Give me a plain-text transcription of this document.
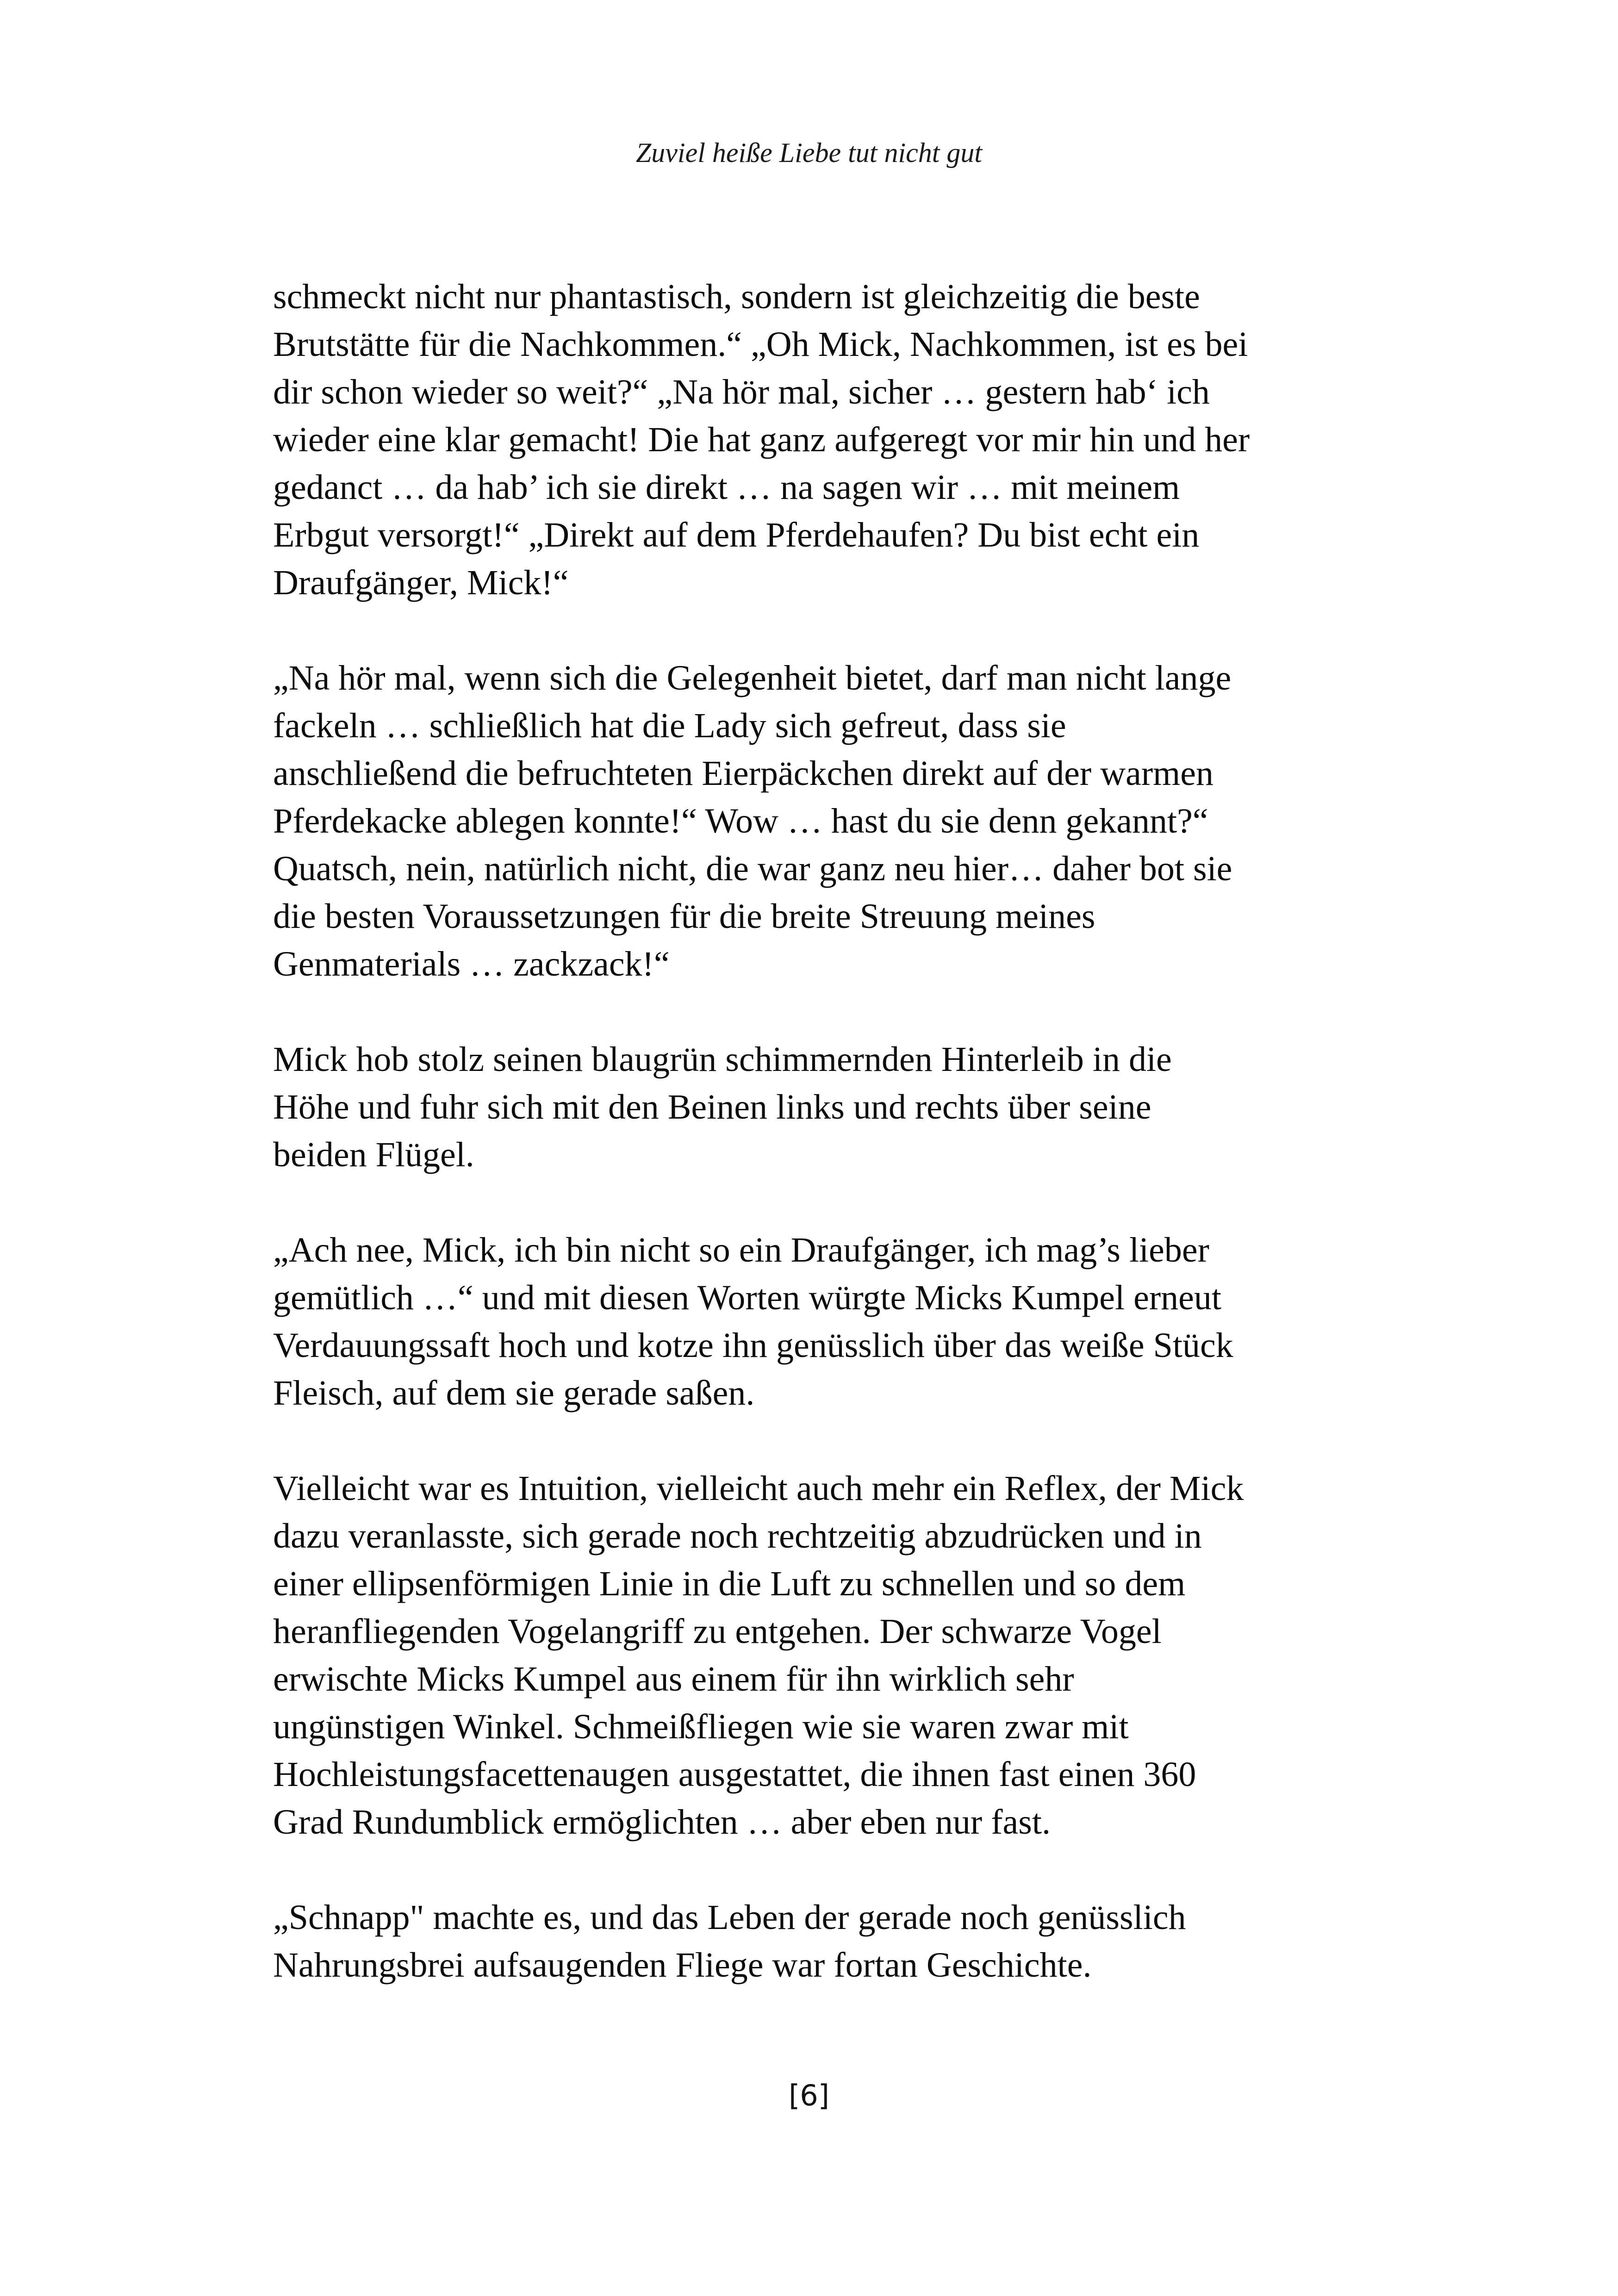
Zuviel heiße Liebe tut nicht gut

schmeckt nicht nur phantastisch, sondern ist gleichzeitig die beste
Brutstätte für die Nachkommen.“ „Oh Mick, Nachkommen, ist es bei
dir schon wieder so weit?“ „Na hör mal, sicher … gestern hab‘ ich
wieder eine klar gemacht! Die hat ganz aufgeregt vor mir hin und her
gedanct … da hab’ ich sie direkt … na sagen wir … mit meinem
Erbgut versorgt!“ „Direkt auf dem Pferdehaufen? Du bist echt ein
Draufgänger, Mick!“

„Na hör mal, wenn sich die Gelegenheit bietet, darf man nicht lange
fackeln … schließlich hat die Lady sich gefreut, dass sie
anschließend die befruchteten Eierpäckchen direkt auf der warmen
Pferdekacke ablegen konnte!“ Wow … hast du sie denn gekannt?“
Quatsch, nein, natürlich nicht, die war ganz neu hier… daher bot sie
die besten Voraussetzungen für die breite Streuung meines
Genmaterials … zackzack!“

Mick hob stolz seinen blaugrün schimmernden Hinterleib in die
Höhe und fuhr sich mit den Beinen links und rechts über seine
beiden Flügel.

„Ach nee, Mick, ich bin nicht so ein Draufgänger, ich mag’s lieber
gemütlich …“ und mit diesen Worten würgte Micks Kumpel erneut
Verdauungssaft hoch und kotze ihn genüsslich über das weiße Stück
Fleisch, auf dem sie gerade saßen.

Vielleicht war es Intuition, vielleicht auch mehr ein Reflex, der Mick
dazu veranlasste, sich gerade noch rechtzeitig abzudrücken und in
einer ellipsenförmigen Linie in die Luft zu schnellen und so dem
heranfliegenden Vogelangriff zu entgehen. Der schwarze Vogel
erwischte Micks Kumpel aus einem für ihn wirklich sehr
ungünstigen Winkel. Schmeißfliegen wie sie waren zwar mit
Hochleistungsfacettenaugen ausgestattet, die ihnen fast einen 360
Grad Rundumblick ermöglichten … aber eben nur fast.

„Schnapp" machte es, und das Leben der gerade noch genüsslich
Nahrungsbrei aufsaugenden Fliege war fortan Geschichte.

[6]
